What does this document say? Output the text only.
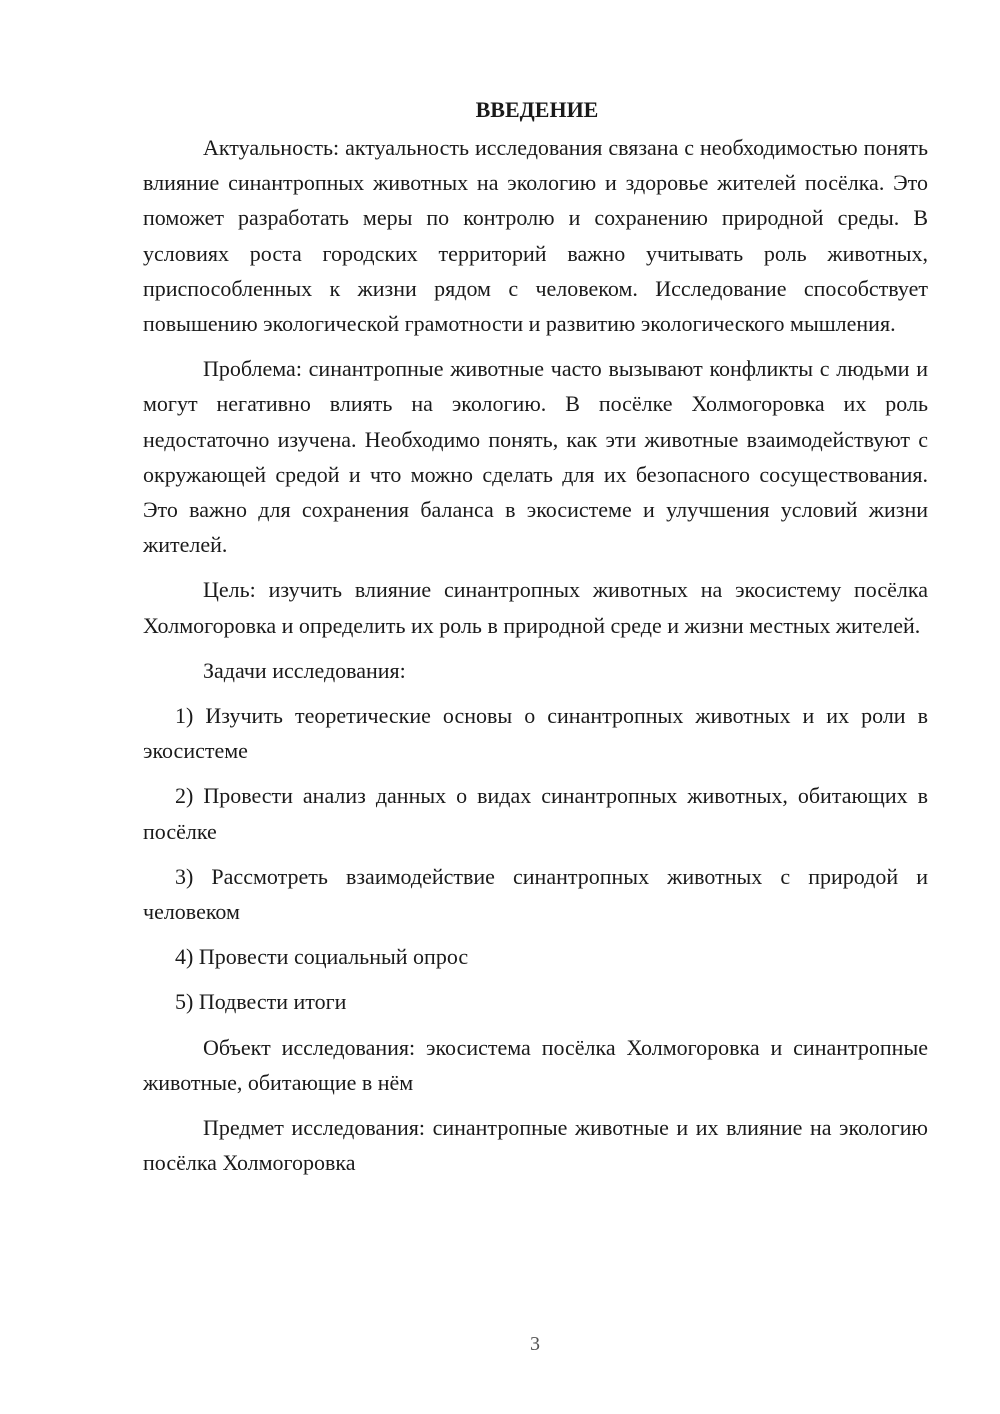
ВВЕДЕНИЕ

Актуальность: актуальность исследования связана с необходимостью понять влияние синантропных животных на экологию и здоровье жителей посёлка. Это поможет разработать меры по контролю и сохранению природной среды. В условиях роста городских территорий важно учитывать роль животных, приспособленных к жизни рядом с человеком. Исследование способствует повышению экологической грамотности и развитию экологического мышления.

Проблема: синантропные животные часто вызывают конфликты с людьми и могут негативно влиять на экологию. В посёлке Холмогоровка их роль недостаточно изучена. Необходимо понять, как эти животные взаимодействуют с окружающей средой и что можно сделать для их безопасного сосуществования. Это важно для сохранения баланса в экосистеме и улучшения условий жизни жителей.

Цель: изучить влияние синантропных животных на экосистему посёлка Холмогоровка и определить их роль в природной среде и жизни местных жителей.

Задачи исследования:

1) Изучить теоретические основы о синантропных животных и их роли в экосистеме

2) Провести анализ данных о видах синантропных животных, обитающих в посёлке

3) Рассмотреть взаимодействие синантропных животных с природой и человеком

4) Провести социальный опрос

5) Подвести итоги

Объект исследования: экосистема посёлка Холмогоровка и синантропные животные, обитающие в нём

Предмет исследования: синантропные животные и их влияние на экологию посёлка Холмогоровка

3
